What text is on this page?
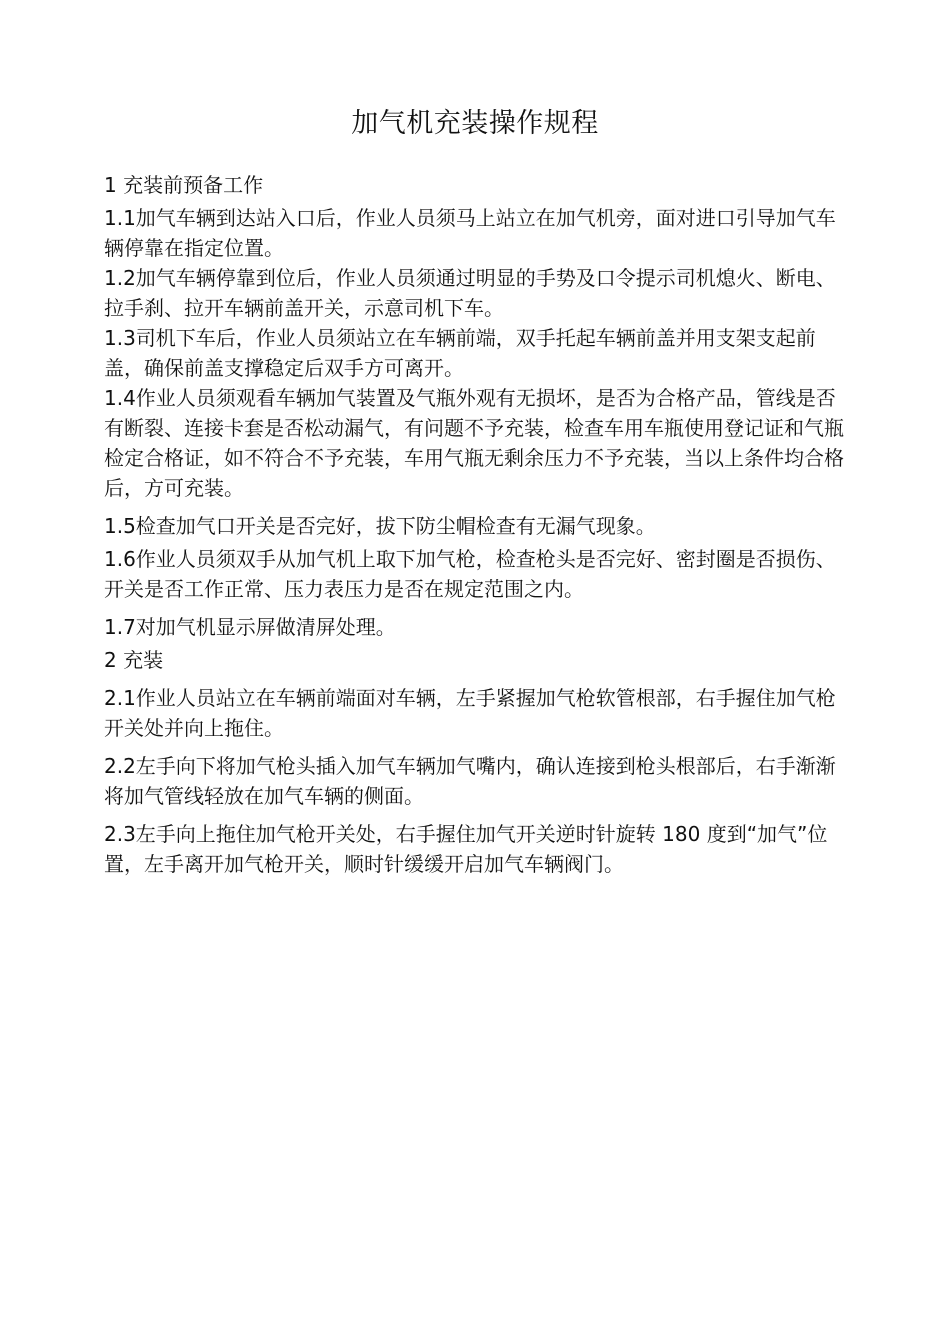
加气机充装操作规程

1 充装前预备工作

1.1加气车辆到达站入口后，作业人员须马上站立在加气机旁，面对进口引导加气车辆停靠在指定位置。

1.2加气车辆停靠到位后，作业人员须通过明显的手势及口令提示司机熄火、断电、拉手刹、拉开车辆前盖开关，示意司机下车。

1.3司机下车后，作业人员须站立在车辆前端，双手托起车辆前盖并用支架支起前盖，确保前盖支撑稳定后双手方可离开。

1.4作业人员须观看车辆加气装置及气瓶外观有无损坏，是否为合格产品，管线是否有断裂、连接卡套是否松动漏气，有问题不予充装，检查车用车瓶使用登记证和气瓶检定合格证，如不符合不予充装，车用气瓶无剩余压力不予充装，当以上条件均合格后，方可充装。

1.5检查加气口开关是否完好，拔下防尘帽检查有无漏气现象。

1.6作业人员须双手从加气机上取下加气枪，检查枪头是否完好、密封圈是否损伤、开关是否工作正常、压力表压力是否在规定范围之内。

1.7对加气机显示屏做清屏处理。

2 充装

2.1作业人员站立在车辆前端面对车辆，左手紧握加气枪软管根部，右手握住加气枪开关处并向上拖住。

2.2左手向下将加气枪头插入加气车辆加气嘴内，确认连接到枪头根部后，右手渐渐将加气管线轻放在加气车辆的侧面。

2.3左手向上拖住加气枪开关处，右手握住加气开关逆时针旋转 180 度到“加气”位置，左手离开加气枪开关，顺时针缓缓开启加气车辆阀门。
